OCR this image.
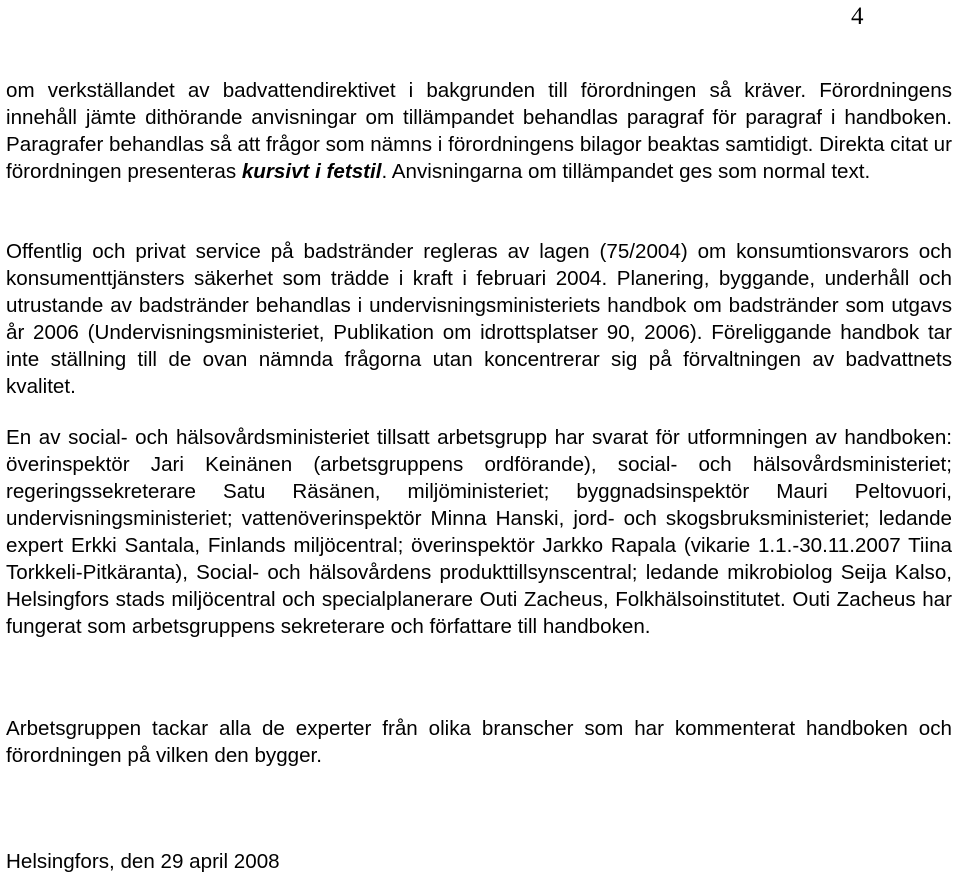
4

om verkställandet av badvattendirektivet i bakgrunden till förordningen så kräver. Förordningens innehåll jämte dithörande anvisningar om tillämpandet behandlas paragraf för paragraf i handboken. Paragrafer behandlas så att frågor som nämns i förordningens bilagor beaktas samtidigt. Direkta citat ur förordningen presenteras kursivt i fetstil. Anvisningarna om tillämpandet ges som normal text.

Offentlig och privat service på badstränder regleras av lagen (75/2004) om konsumtionsvarors och konsumenttjänsters säkerhet som trädde i kraft i februari 2004. Planering, byggande, underhåll och utrustande av badstränder behandlas i undervisningsministeriets handbok om badstränder som utgavs år 2006 (Undervisningsministeriet, Publikation om idrottsplatser 90, 2006). Föreliggande handbok tar inte ställning till de ovan nämnda frågorna utan koncentrerar sig på förvaltningen av badvattnets kvalitet.

En av social- och hälsovårdsministeriet tillsatt arbetsgrupp har svarat för utformningen av handboken: överinspektör Jari Keinänen (arbetsgruppens ordförande), social- och hälsovårdsministeriet; regeringssekreterare Satu Räsänen, miljöministeriet; byggnadsinspektör Mauri Peltovuori, undervisningsministeriet; vattenöverinspektör Minna Hanski, jord- och skogsbruksministeriet; ledande expert Erkki Santala, Finlands miljöcentral; överinspektör Jarkko Rapala (vikarie 1.1.-30.11.2007 Tiina Torkkeli-Pitkäranta), Social- och hälsovårdens produkttillsynscentral; ledande mikrobiolog Seija Kalso, Helsingfors stads miljöcentral och specialplanerare Outi Zacheus, Folkhälsoinstitutet. Outi Zacheus har fungerat som arbetsgruppens sekreterare och författare till handboken.

Arbetsgruppen tackar alla de experter från olika branscher som har kommenterat handboken och förordningen på vilken den bygger.

Helsingfors, den 29 april 2008
